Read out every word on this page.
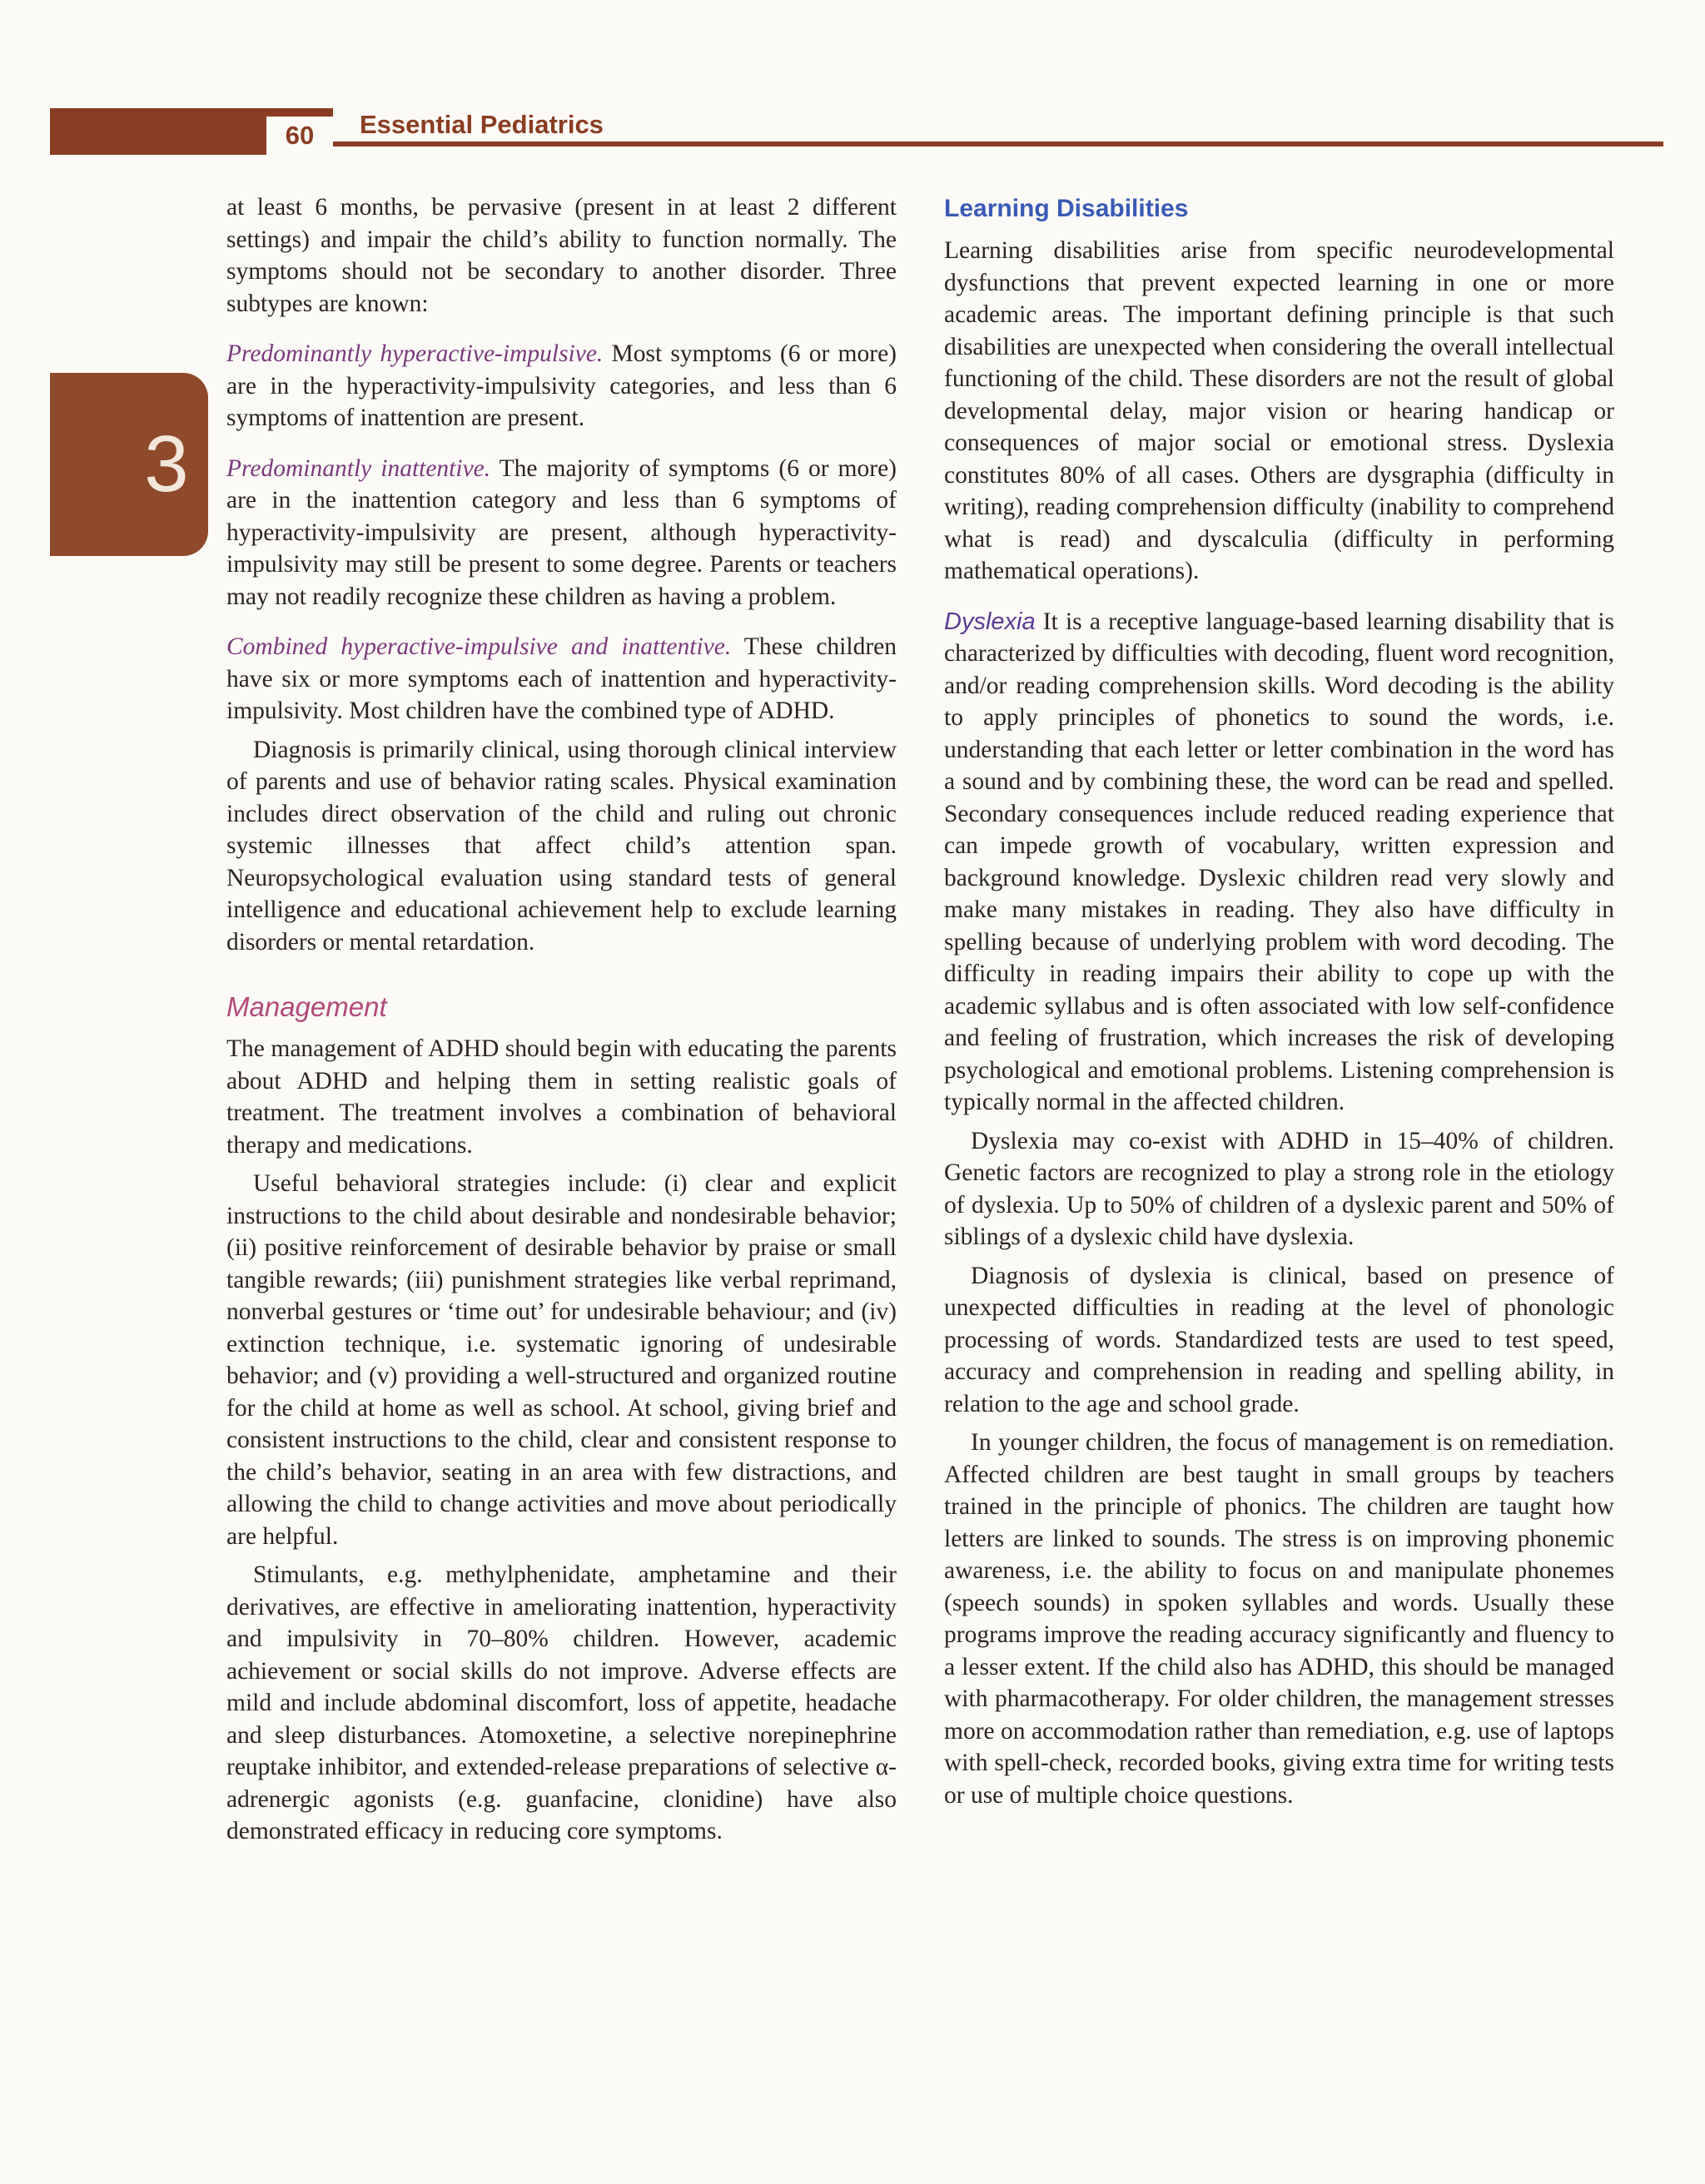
60	Essential Pediatrics
3

at least 6 months, be pervasive (present in at least 2 different settings) and impair the child’s ability to function normally. The symptoms should not be secondary to another disorder. Three subtypes are known:

Predominantly hyperactive-impulsive. Most symptoms (6 or more) are in the hyperactivity-impulsivity categories, and less than 6 symptoms of inattention are present.

Predominantly inattentive. The majority of symptoms (6 or more) are in the inattention category and less than 6 symptoms of hyperactivity-impulsivity are present, although hyperactivity-impulsivity may still be present to some degree. Parents or teachers may not readily recognize these children as having a problem.

Combined hyperactive-impulsive and inattentive. These children have six or more symptoms each of inattention and hyperactivity-impulsivity. Most children have the combined type of ADHD.

Diagnosis is primarily clinical, using thorough clinical interview of parents and use of behavior rating scales. Physical examination includes direct observation of the child and ruling out chronic systemic illnesses that affect child’s attention span. Neuropsychological evaluation using standard tests of general intelligence and educational achievement help to exclude learning disorders or mental retardation.

Management

The management of ADHD should begin with educating the parents about ADHD and helping them in setting realistic goals of treatment. The treatment involves a combination of behavioral therapy and medications.

Useful behavioral strategies include: (i) clear and explicit instructions to the child about desirable and nondesirable behavior; (ii) positive reinforcement of desirable behavior by praise or small tangible rewards; (iii) punishment strategies like verbal reprimand, nonverbal gestures or ‘time out’ for undesirable behaviour; and (iv) extinction technique, i.e. systematic ignoring of undesirable behavior; and (v) providing a well-structured and organized routine for the child at home as well as school. At school, giving brief and consistent instructions to the child, clear and consistent response to the child’s behavior, seating in an area with few distractions, and allowing the child to change activities and move about periodically are helpful.

Stimulants, e.g. methylphenidate, amphetamine and their derivatives, are effective in ameliorating inattention, hyperactivity and impulsivity in 70–80% children. However, academic achievement or social skills do not improve. Adverse effects are mild and include abdominal discomfort, loss of appetite, headache and sleep disturbances. Atomoxetine, a selective norepinephrine reuptake inhibitor, and extended-release preparations of selective α-adrenergic agonists (e.g. guanfacine, clonidine) have also demonstrated efficacy in reducing core symptoms.

Learning Disabilities

Learning disabilities arise from specific neurodevelopmental dysfunctions that prevent expected learning in one or more academic areas. The important defining principle is that such disabilities are unexpected when considering the overall intellectual functioning of the child. These disorders are not the result of global developmental delay, major vision or hearing handicap or consequences of major social or emotional stress. Dyslexia constitutes 80% of all cases. Others are dysgraphia (difficulty in writing), reading comprehension difficulty (inability to comprehend what is read) and dyscalculia (difficulty in performing mathematical operations).

Dyslexia It is a receptive language-based learning disability that is characterized by difficulties with decoding, fluent word recognition, and/or reading comprehension skills. Word decoding is the ability to apply principles of phonetics to sound the words, i.e. understanding that each letter or letter combination in the word has a sound and by combining these, the word can be read and spelled. Secondary consequences include reduced reading experience that can impede growth of vocabulary, written expression and background knowledge. Dyslexic children read very slowly and make many mistakes in reading. They also have difficulty in spelling because of underlying problem with word decoding. The difficulty in reading impairs their ability to cope up with the academic syllabus and is often associated with low self-confidence and feeling of frustration, which increases the risk of developing psychological and emotional problems. Listening comprehension is typically normal in the affected children.

Dyslexia may co-exist with ADHD in 15–40% of children. Genetic factors are recognized to play a strong role in the etiology of dyslexia. Up to 50% of children of a dyslexic parent and 50% of siblings of a dyslexic child have dyslexia.

Diagnosis of dyslexia is clinical, based on presence of unexpected difficulties in reading at the level of phonologic processing of words. Standardized tests are used to test speed, accuracy and comprehension in reading and spelling ability, in relation to the age and school grade.

In younger children, the focus of management is on remediation. Affected children are best taught in small groups by teachers trained in the principle of phonics. The children are taught how letters are linked to sounds. The stress is on improving phonemic awareness, i.e. the ability to focus on and manipulate phonemes (speech sounds) in spoken syllables and words. Usually these programs improve the reading accuracy significantly and fluency to a lesser extent. If the child also has ADHD, this should be managed with pharmacotherapy. For older children, the management stresses more on accommodation rather than remediation, e.g. use of laptops with spell-check, recorded books, giving extra time for writing tests or use of multiple choice questions.
